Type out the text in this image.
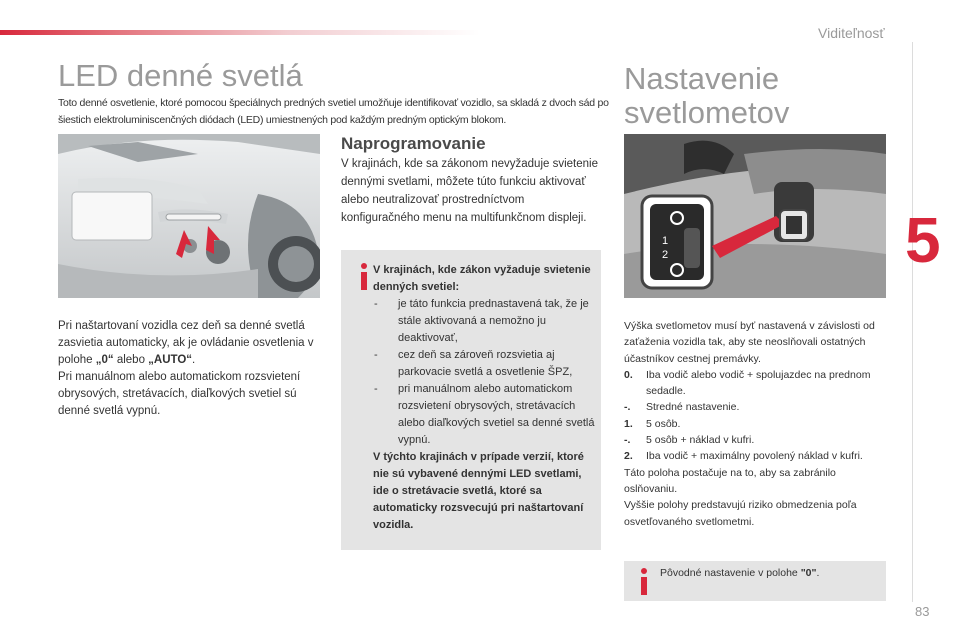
Viditeľnosť
5
83
LED denné svetlá
Toto denné osvetlenie, ktoré pomocou špeciálnych predných svetiel umožňuje identifikovať vozidlo, sa skladá z dvoch sád po šiestich elektroluminiscenčných diódach (LED) umiestnených pod každým predným optickým blokom.
Pri naštartovaní vozidla cez deň sa denné svetlá zasvietia automaticky, ak je ovládanie osvetlenia v polohe „0“ alebo „AUTO“.
Pri manuálnom alebo automatickom rozsvietení obrysových, stretávacích, diaľkových svetiel sú denné svetlá vypnú.
Naprogramovanie
V krajinách, kde sa zákonom nevyžaduje svietenie dennými svetlami, môžete túto funkciu aktivovať alebo neutralizovať prostredníctvom konfiguračného menu na multifunkčnom displeji.
V krajinách, kde zákon vyžaduje svietenie denných svetiel:
-	je táto funkcia prednastavená tak, že je stále aktivovaná a nemožno ju deaktivovať,
-	cez deň sa zároveň rozsvietia aj parkovacie svetlá a osvetlenie ŠPZ,
-	pri manuálnom alebo automatickom rozsvietení obrysových, stretávacích alebo diaľkových svetiel sa denné svetlá vypnú.
V týchto krajinách v prípade verzií, ktoré nie sú vybavené dennými LED svetlami, ide o stretávacie svetlá, ktoré sa automaticky rozsvecujú pri naštartovaní vozidla.
Nastavenie
svetlometov
1
2
Výška svetlometov musí byť nastavená v závislosti od zaťaženia vozidla tak, aby ste neoslňovali ostatných účastníkov cestnej premávky.
0.	Iba vodič alebo vodič + spolujazdec na prednom sedadle.
-.	Stredné nastavenie.
1.	5 osôb.
-.	5 osôb + náklad v kufri.
2.	Iba vodič + maximálny povolený náklad v kufri.
Táto poloha postačuje na to, aby sa zabránilo oslňovaniu.
Vyššie polohy predstavujú riziko obmedzenia poľa osvetľovaného svetlometmi.
Pôvodné nastavenie v polohe "0".
